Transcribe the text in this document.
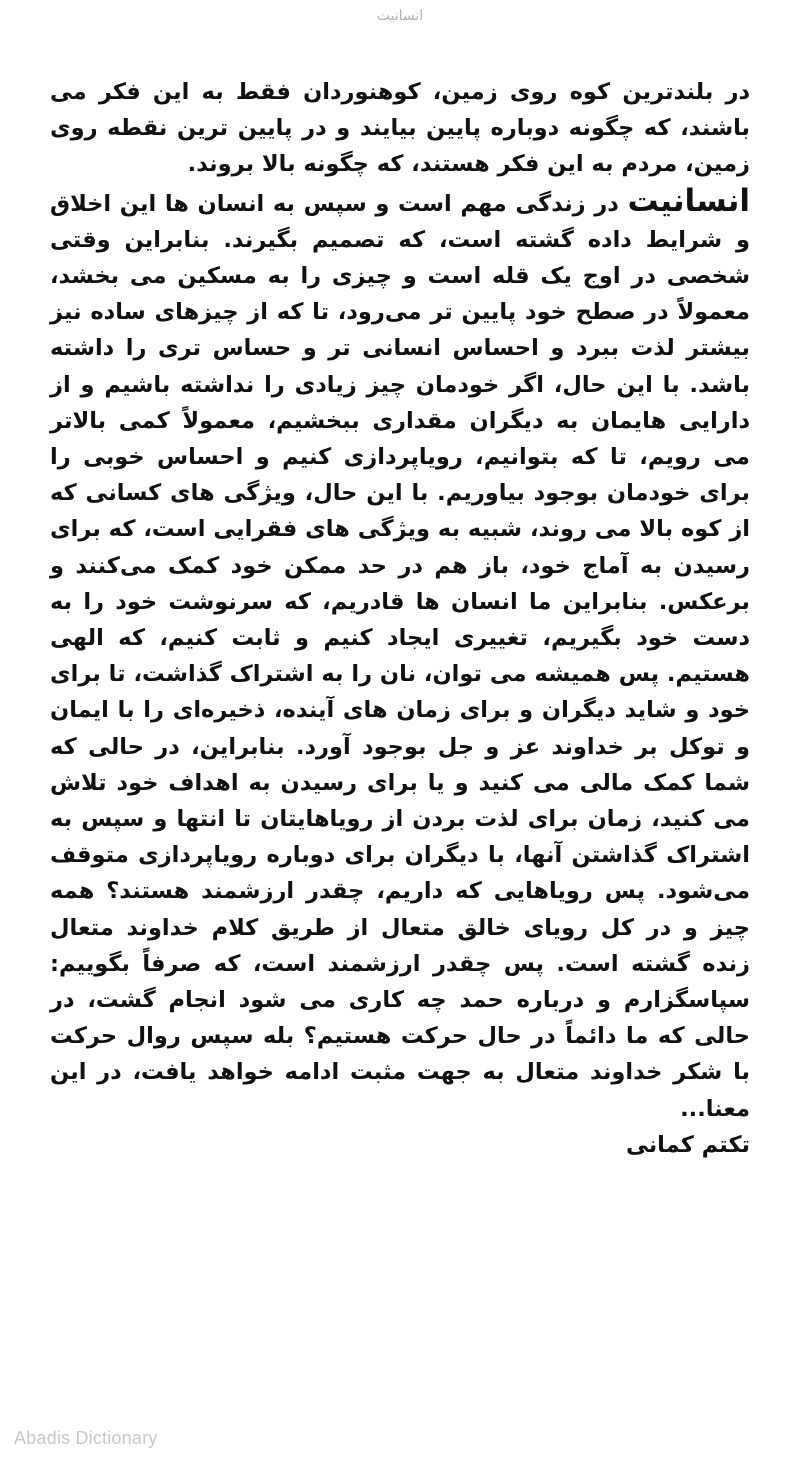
انسانیت

در بلندترین کوه روی زمین، کوهنوردان فقط به این فکر می باشند، که چگونه دوباره پایین بیایند و در پایین ترین نقطه روی زمین، مردم به این فکر هستند، که چگونه بالا بروند.

انسانیت در زندگی مهم است و سپس به انسان ها این اخلاق و شرایط داده گشته است، که تصمیم بگیرند. بنابراین وقتی شخصی در اوج یک قله است و چیزی را به مسکین می بخشد، معمولاً در صطح خود پایین تر می‌رود، تا که از چیزهای ساده نیز بیشتر لذت ببرد و احساس انسانی تر و حساس تری را داشته باشد. با این حال، اگر خودمان چیز زیادی را نداشته باشیم و از دارایی هایمان به دیگران مقداری ببخشیم، معمولاً کمی بالاتر می رویم، تا که بتوانیم، رویاپردازی کنیم و احساس خوبی را برای خودمان بوجود بیاوریم. با این حال، ویژگی های کسانی که از کوه بالا می روند، شبیه به ویژگی های فقرایی است، که برای رسیدن به آماج خود، باز هم در حد ممکن خود کمک می‌کنند و برعکس. بنابراین ما انسان ها قادریم، که سرنوشت خود را به دست خود بگیریم، تغییری ایجاد کنیم و ثابت کنیم، که الهی هستیم. پس همیشه می توان، نان را به اشتراک گذاشت، تا برای خود و شاید دیگران و برای زمان های آینده، ذخیره‌ای را با ایمان و توکل بر خداوند عز و جل بوجود آورد. بنابراین، در حالی که شما کمک مالی می کنید و یا برای رسیدن به اهداف خود تلاش می کنید، زمان برای لذت بردن از رویاهایتان تا انتها و سپس به اشتراک گذاشتن آنها، با دیگران برای دوباره رویاپردازی متوقف می‌شود. پس رویاهایی که داریم، چقدر ارزشمند هستند؟ همه چیز و در کل رویای خالق متعال از طریق کلام خداوند متعال زنده گشته است. پس چقدر ارزشمند است، که صرفاً بگوییم: سپاسگزارم و درباره حمد چه کاری می شود انجام گشت، در حالی که ما دائماً در حال حرکت هستیم؟ بله سپس روال حرکت با شکر خداوند متعال به جهت مثبت ادامه خواهد یافت، در این معنا...

تکتم کمانی
Abadis Dictionary
